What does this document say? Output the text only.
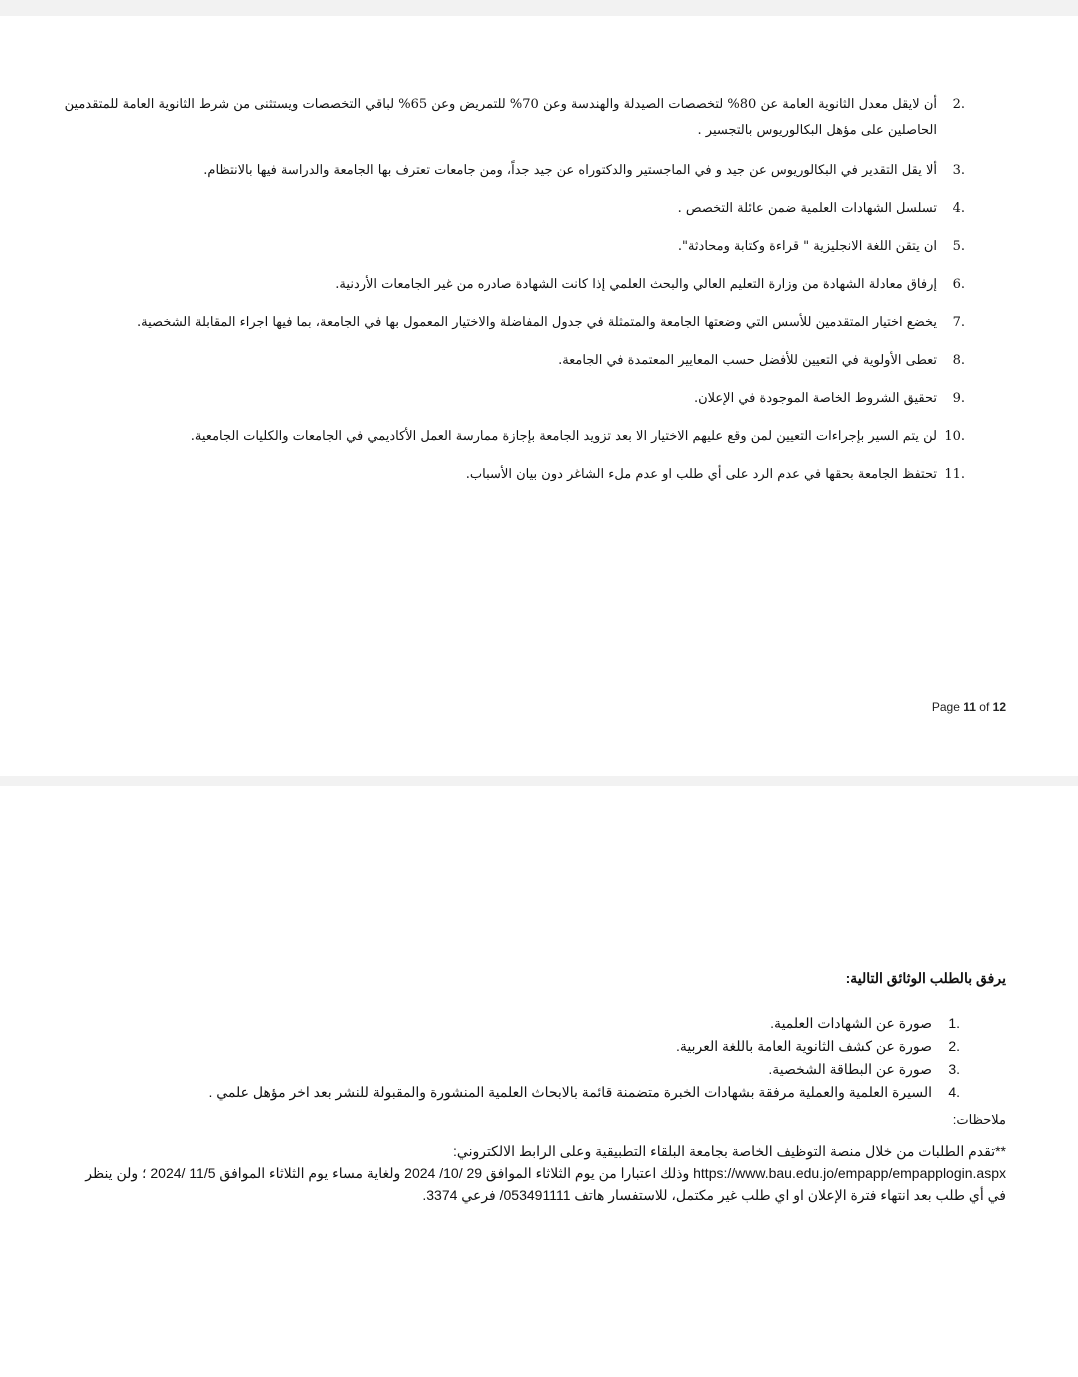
2.
أن لايقل معدل الثانوية العامة عن 80% لتخصصات الصيدلة والهندسة وعن 70% للتمريض وعن 65% لباقي التخصصات ويستثنى من شرط الثانوية العامة للمتقدمين الحاصلين على مؤهل البكالوريوس بالتجسير .
3.
ألا يقل التقدير في البكالوريوس عن جيد و في الماجستير والدكتوراه عن جيد جداً، ومن جامعات تعترف بها الجامعة والدراسة فيها بالانتظام.
4.
تسلسل الشهادات العلمية ضمن عائلة التخصص .
5.
ان يتقن اللغة الانجليزية " قراءة وكتابة ومحادثة".
6.
إرفاق معادلة الشهادة من وزارة التعليم العالي والبحث العلمي إذا كانت الشهادة صادره من غير الجامعات الأردنية.
7.
يخضع اختيار المتقدمين للأسس التي وضعتها الجامعة والمتمثلة في جدول المفاضلة والاختيار المعمول بها في الجامعة، بما فيها اجراء المقابلة الشخصية.
8.
تعطى الأولوية في التعيين للأفضل حسب المعايير المعتمدة في الجامعة.
9.
تحقيق الشروط الخاصة الموجودة في الإعلان.
10.
لن يتم السير بإجراءات التعيين لمن وقع عليهم الاختيار الا بعد تزويد الجامعة بإجازة ممارسة العمل الأكاديمي في الجامعات والكليات الجامعية.
11.
تحتفظ الجامعة بحقها في عدم الرد على أي طلب او عدم ملء الشاغر دون بيان الأسباب.
Page 11 of 12
يرفق بالطلب الوثائق التالية:
1.
صورة عن الشهادات العلمية.
2.
صورة عن كشف الثانوية العامة باللغة العربية.
3.
صورة عن البطاقة الشخصية.
4.
السيرة العلمية والعملية مرفقة بشهادات الخبرة متضمنة قائمة بالابحاث العلمية المنشورة والمقبولة للنشر بعد اخر مؤهل علمي .
ملاحظات:
**تقدم الطلبات من خلال منصة التوظيف الخاصة بجامعة البلقاء التطبيقية وعلى الرابط الالكتروني:
https://www.bau.edu.jo/empapp/empapplogin.aspx وذلك اعتبارا من يوم الثلاثاء الموافق 29 /10/ 2024 ولغاية مساء يوم الثلاثاء الموافق 11/5 /2024 ؛ ولن ينظر في أي طلب بعد انتهاء فترة الإعلان او اي طلب غير مكتمل، للاستفسار هاتف 053491111/ فرعي 3374.
